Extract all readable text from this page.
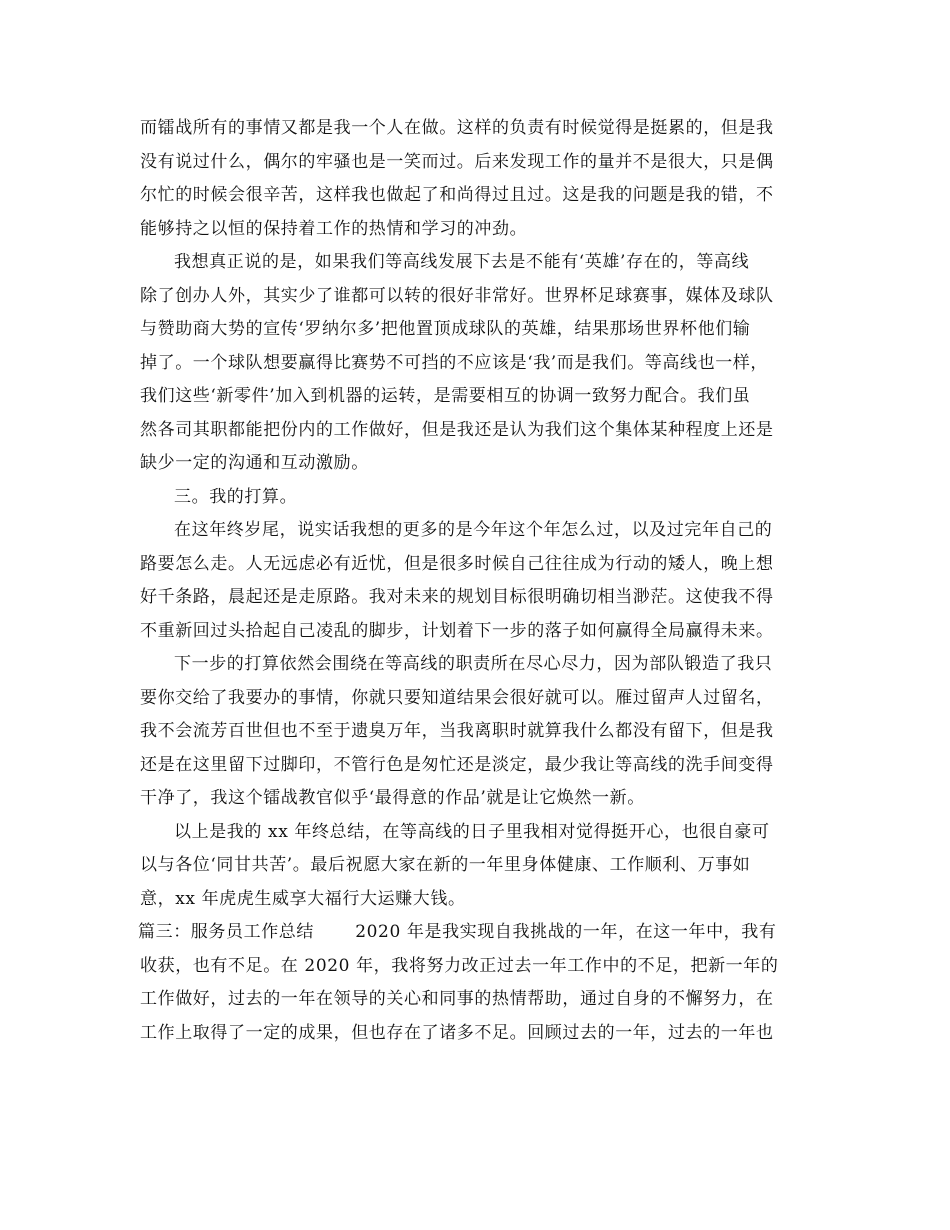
而镭战所有的事情又都是我一个人在做。这样的负责有时候觉得是挺累的，但是我
没有说过什么，偶尔的牢骚也是一笑而过。后来发现工作的量并不是很大，只是偶
尔忙的时候会很辛苦，这样我也做起了和尚得过且过。这是我的问题是我的错，不
能够持之以恒的保持着工作的热情和学习的冲劲。
我想真正说的是，如果我们等高线发展下去是不能有‘英雄’存在的，等高线
除了创办人外，其实少了谁都可以转的很好非常好。世界杯足球赛事，媒体及球队
与赞助商大势的宣传‘罗纳尔多’把他置顶成球队的英雄，结果那场世界杯他们输
掉了。一个球队想要赢得比赛势不可挡的不应该是‘我’而是我们。等高线也一样，
我们这些‘新零件’加入到机器的运转，是需要相互的协调一致努力配合。我们虽
然各司其职都能把份内的工作做好，但是我还是认为我们这个集体某种程度上还是
缺少一定的沟通和互动激励。
三。我的打算。
在这年终岁尾，说实话我想的更多的是今年这个年怎么过，以及过完年自己的
路要怎么走。人无远虑必有近忧，但是很多时候自己往往成为行动的矮人，晚上想
好千条路，晨起还是走原路。我对未来的规划目标很明确切相当渺茫。这使我不得
不重新回过头拾起自己凌乱的脚步，计划着下一步的落子如何赢得全局赢得未来。
下一步的打算依然会围绕在等高线的职责所在尽心尽力，因为部队锻造了我只
要你交给了我要办的事情，你就只要知道结果会很好就可以。雁过留声人过留名，
我不会流芳百世但也不至于遗臭万年，当我离职时就算我什么都没有留下，但是我
还是在这里留下过脚印，不管行色是匆忙还是淡定，最少我让等高线的洗手间变得
干净了，我这个镭战教官似乎‘最得意的作品’就是让它焕然一新。
以上是我的 xx 年终总结，在等高线的日子里我相对觉得挺开心，也很自豪可
以与各位‘同甘共苦’。最后祝愿大家在新的一年里身体健康、工作顺利、万事如
意，xx 年虎虎生威享大福行大运赚大钱。
篇三：服务员工作总结　　 2020 年是我实现自我挑战的一年，在这一年中，我有
收获，也有不足。在 2020 年，我将努力改正过去一年工作中的不足，把新一年的
工作做好，过去的一年在领导的关心和同事的热情帮助，通过自身的不懈努力，在
工作上取得了一定的成果，但也存在了诸多不足。回顾过去的一年，过去的一年也
